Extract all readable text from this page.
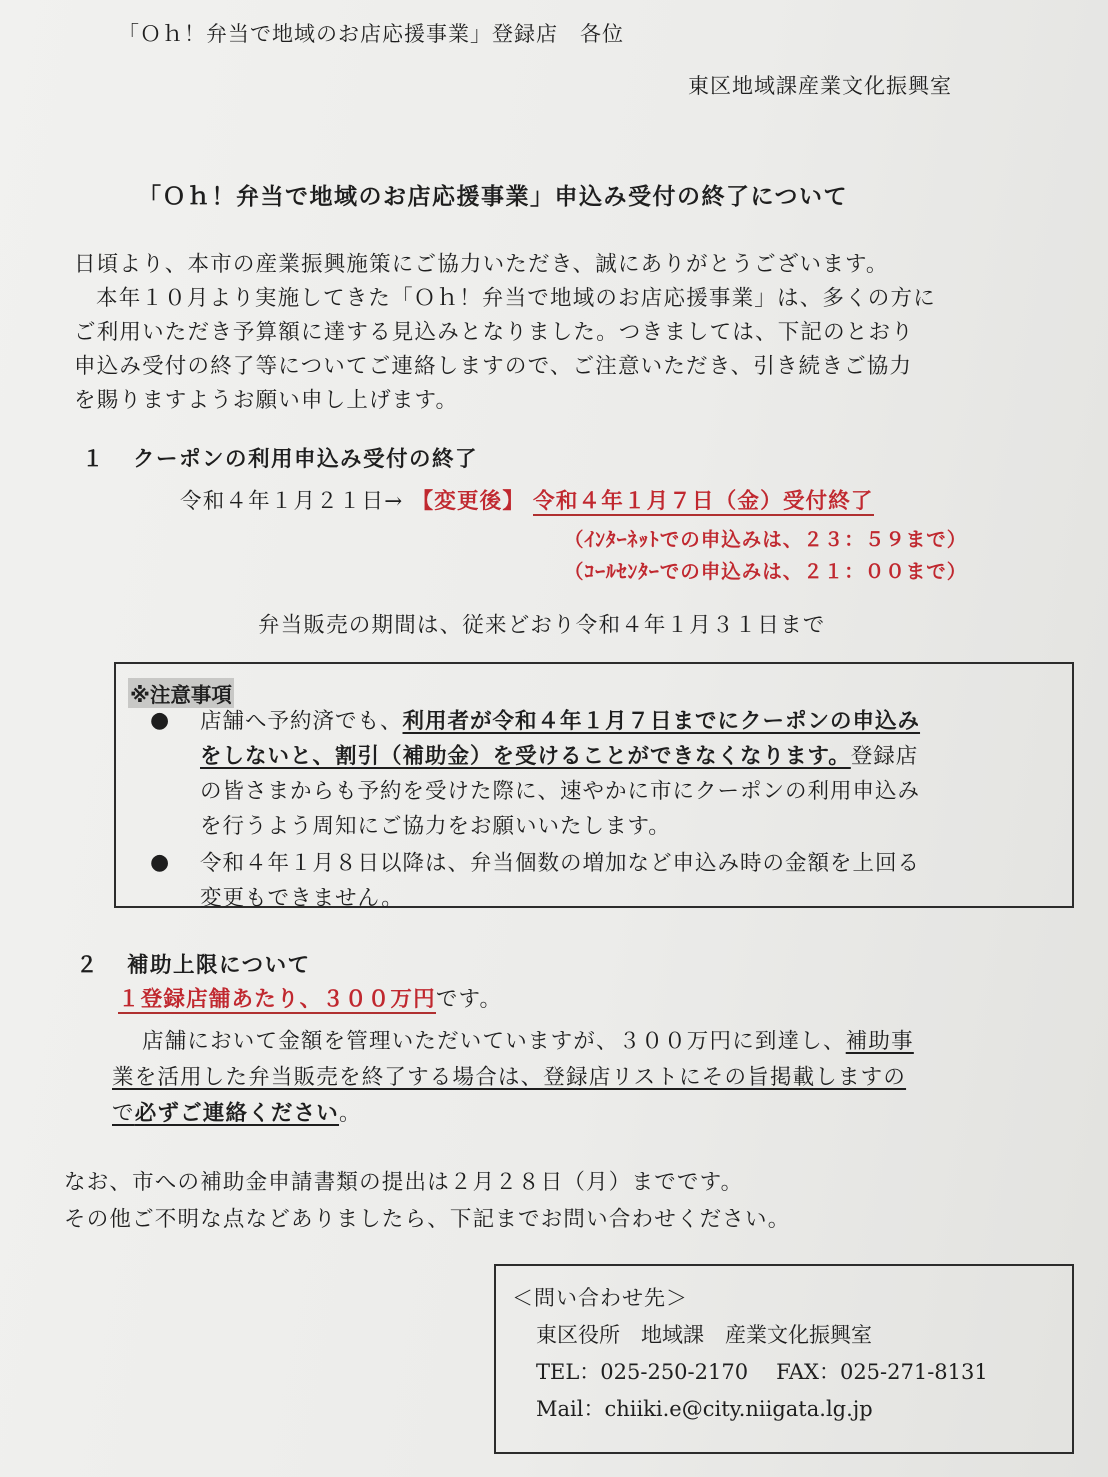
「Ｏｈ！弁当で地域のお店応援事業」登録店　各位
東区地域課産業文化振興室
「Ｏｈ！弁当で地域のお店応援事業」申込み受付の終了について
日頃より、本市の産業振興施策にご協力いただき、誠にありがとうございます。
本年１０月より実施してきた「Ｏｈ！弁当で地域のお店応援事業」は、多くの方に
ご利用いただき予算額に達する見込みとなりました。つきましては、下記のとおり
申込み受付の終了等についてご連絡しますので、ご注意いただき、引き続きご協力
を賜りますようお願い申し上げます。
１ クーポンの利用申込み受付の終了
令和４年１月２１日→ 【変更後】 令和４年１月７日（金）受付終了
（ｲﾝﾀｰﾈｯﾄでの申込みは、２３：５９まで）
（ｺｰﾙｾﾝﾀｰでの申込みは、２１：００まで）
弁当販売の期間は、従来どおり令和４年１月３１日まで
※注意事項
● 店舗へ予約済でも、利用者が令和４年１月７日までにクーポンの申込み
をしないと、割引（補助金）を受けることができなくなります。登録店
の皆さまからも予約を受けた際に、速やかに市にクーポンの利用申込み
を行うよう周知にご協力をお願いいたします。
● 令和４年１月８日以降は、弁当個数の増加など申込み時の金額を上回る
変更もできません。
２ 補助上限について
１登録店舗あたり、３００万円です。
店舗において金額を管理いただいていますが、３００万円に到達し、補助事
業を活用した弁当販売を終了する場合は、登録店リストにその旨掲載しますの
で必ずご連絡ください。
なお、市への補助金申請書類の提出は２月２８日（月）までです。
その他ご不明な点などありましたら、下記までお問い合わせください。
＜問い合わせ先＞
東区役所　地域課　産業文化振興室
TEL：025-250-2170 FAX：025-271-8131
Mail：chiiki.e@city.niigata.lg.jp
